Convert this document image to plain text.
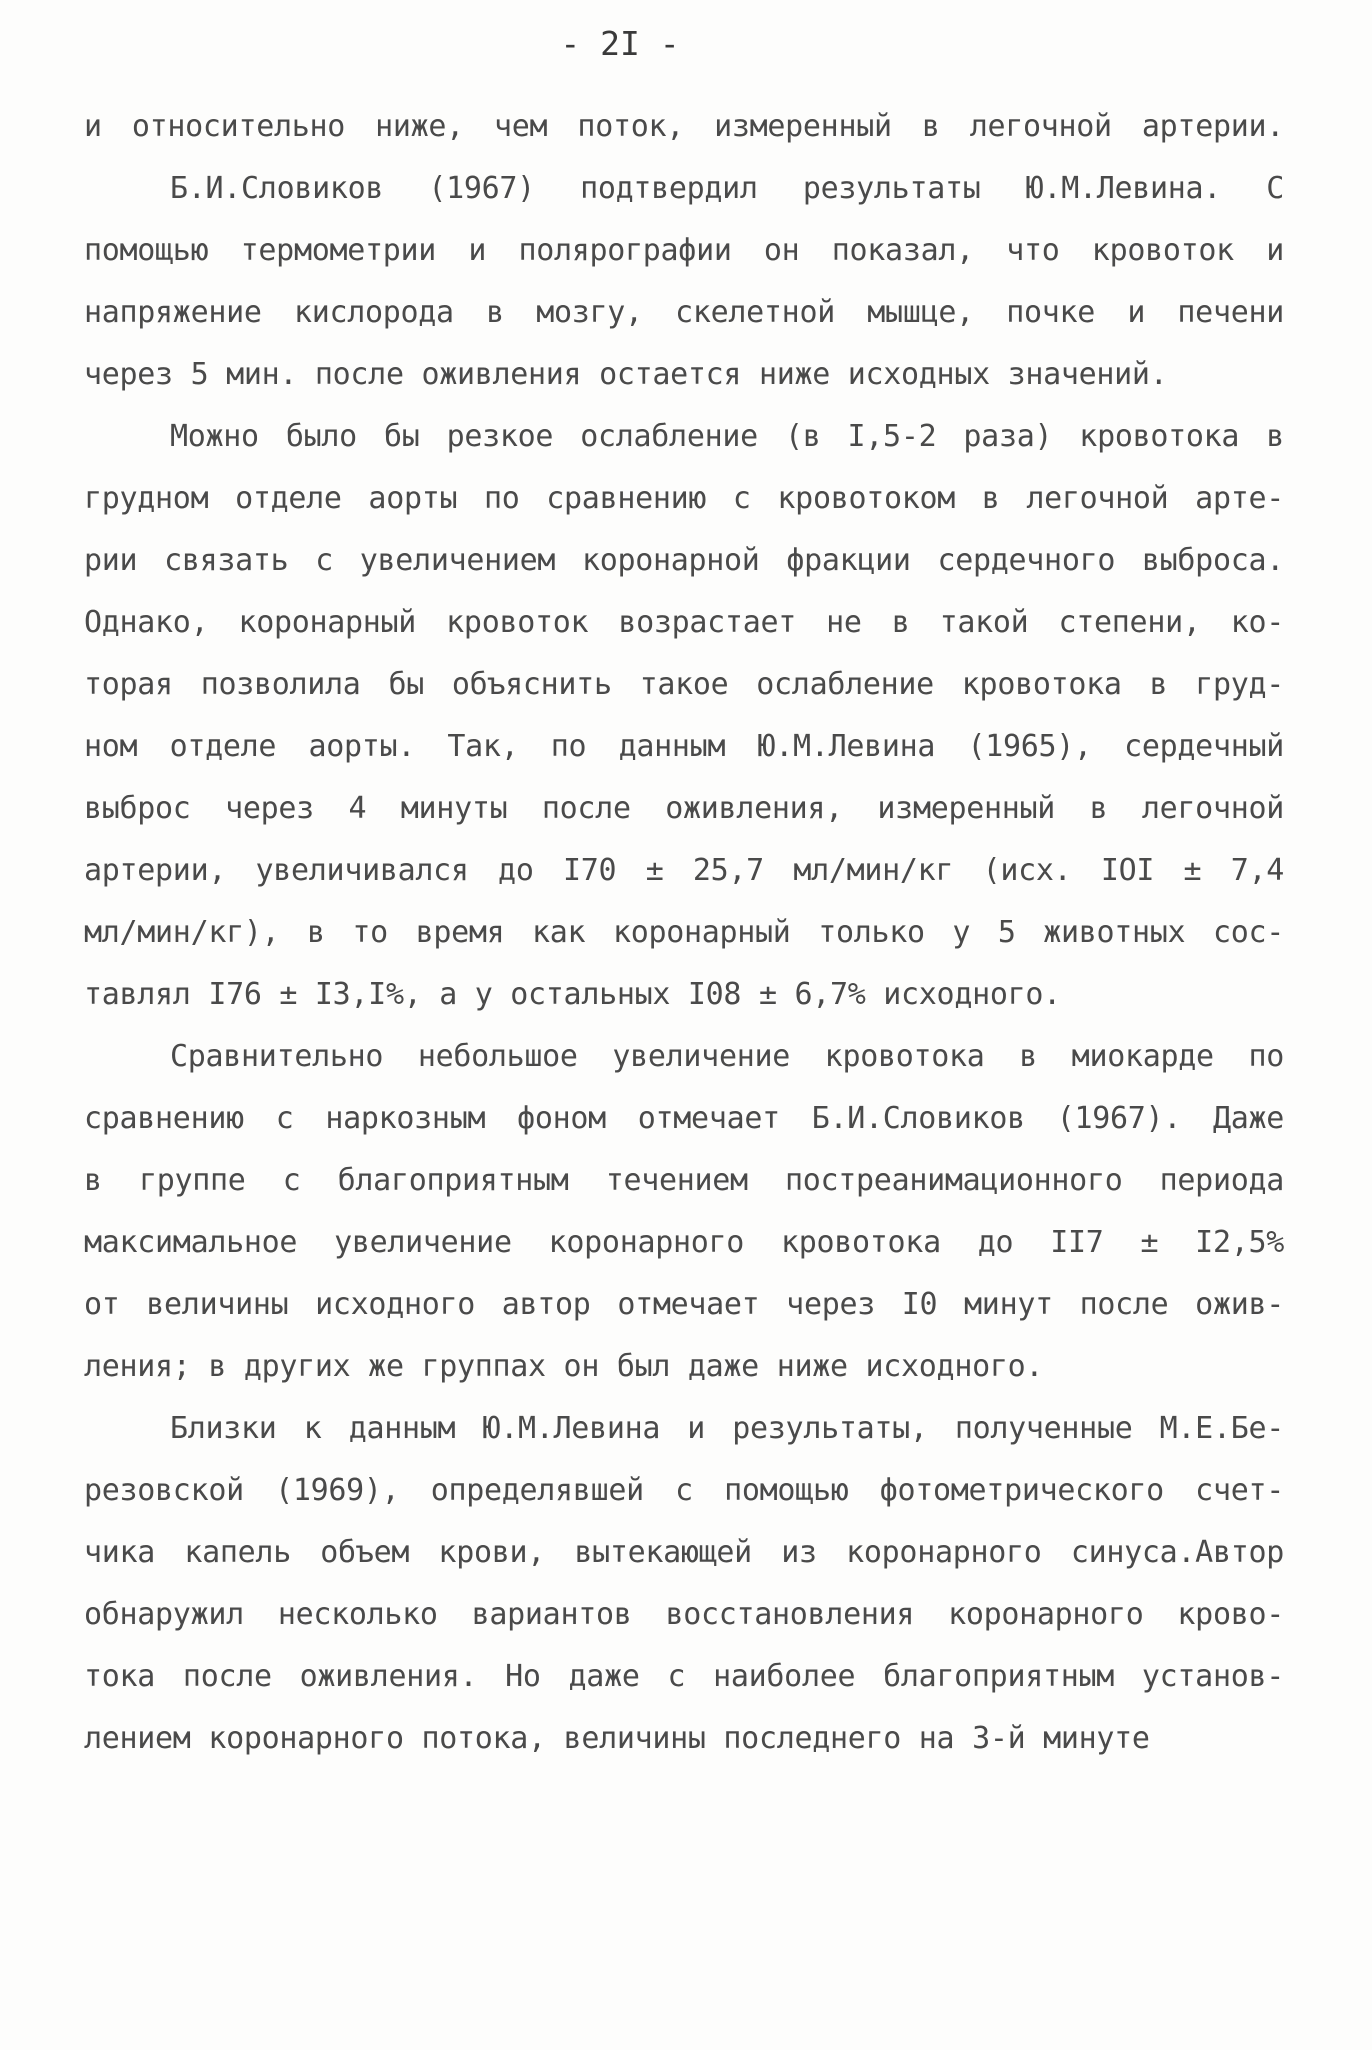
- 2I -
и относительно ниже, чем поток, измеренный в легочной артерии.
Б.И.Словиков (1967) подтвердил результаты Ю.М.Левина. С
помощью термометрии и полярографии он показал, что кровоток и
напряжение кислорода в мозгу, скелетной мышце, почке и печени
через 5 мин. после оживления остается ниже исходных значений.
Можно было бы резкое ослабление (в I,5-2 раза) кровотока в
грудном отделе аорты по сравнению с кровотоком в легочной арте-
рии связать с увеличением коронарной фракции сердечного выброса.
Однако, коронарный кровоток возрастает не в такой степени, ко-
торая позволила бы объяснить такое ослабление кровотока в груд-
ном отделе аорты. Так, по данным Ю.М.Левина (1965), сердечный
выброс через 4 минуты после оживления, измеренный в легочной
артерии, увеличивался до I70 ± 25,7 мл/мин/кг (исх. IOI ± 7,4
мл/мин/кг), в то время как коронарный только у 5 животных сос-
тавлял I76 ± I3,I%, а у остальных I08 ± 6,7% исходного.
Сравнительно небольшое увеличение кровотока в миокарде по
сравнению с наркозным фоном отмечает Б.И.Словиков (1967). Даже
в группе с благоприятным течением постреанимационного периода
максимальное увеличение коронарного кровотока до II7 ± I2,5%
от величины исходного автор отмечает через I0 минут после ожив-
ления; в других же группах он был даже ниже исходного.
Близки к данным Ю.М.Левина и результаты, полученные М.Е.Бе-
резовской (1969), определявшей с помощью фотометрического счет-
чика капель объем крови, вытекающей из коронарного синуса.Автор
обнаружил несколько вариантов восстановления коронарного крово-
тока после оживления. Но даже с наиболее благоприятным установ-
лением коронарного потока, величины последнего на 3-й минуте
